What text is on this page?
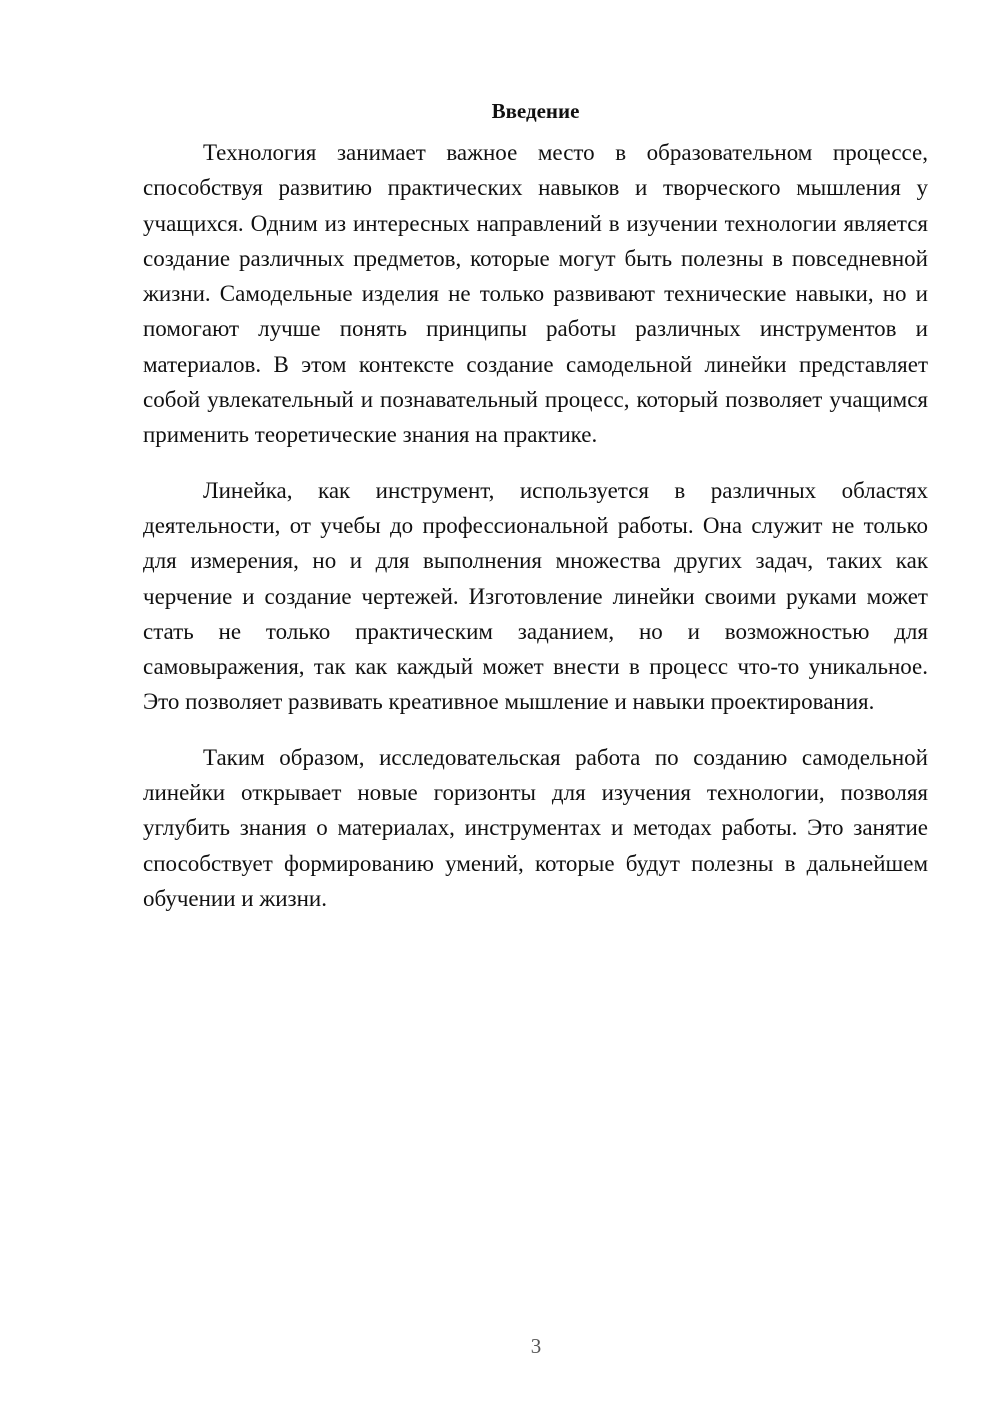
Введение

Технология занимает важное место в образовательном процессе, способствуя развитию практических навыков и творческого мышления у учащихся. Одним из интересных направлений в изучении технологии является создание различных предметов, которые могут быть полезны в повседневной жизни. Самодельные изделия не только развивают технические навыки, но и помогают лучше понять принципы работы различных инструментов и материалов. В этом контексте создание самодельной линейки представляет собой увлекательный и познавательный процесс, который позволяет учащимся применить теоретические знания на практике.

Линейка, как инструмент, используется в различных областях деятельности, от учебы до профессиональной работы. Она служит не только для измерения, но и для выполнения множества других задач, таких как черчение и создание чертежей. Изготовление линейки своими руками может стать не только практическим заданием, но и возможностью для самовыражения, так как каждый может внести в процесс что-то уникальное. Это позволяет развивать креативное мышление и навыки проектирования.

Таким образом, исследовательская работа по созданию самодельной линейки открывает новые горизонты для изучения технологии, позволяя углубить знания о материалах, инструментах и методах работы. Это занятие способствует формированию умений, которые будут полезны в дальнейшем обучении и жизни.

3
